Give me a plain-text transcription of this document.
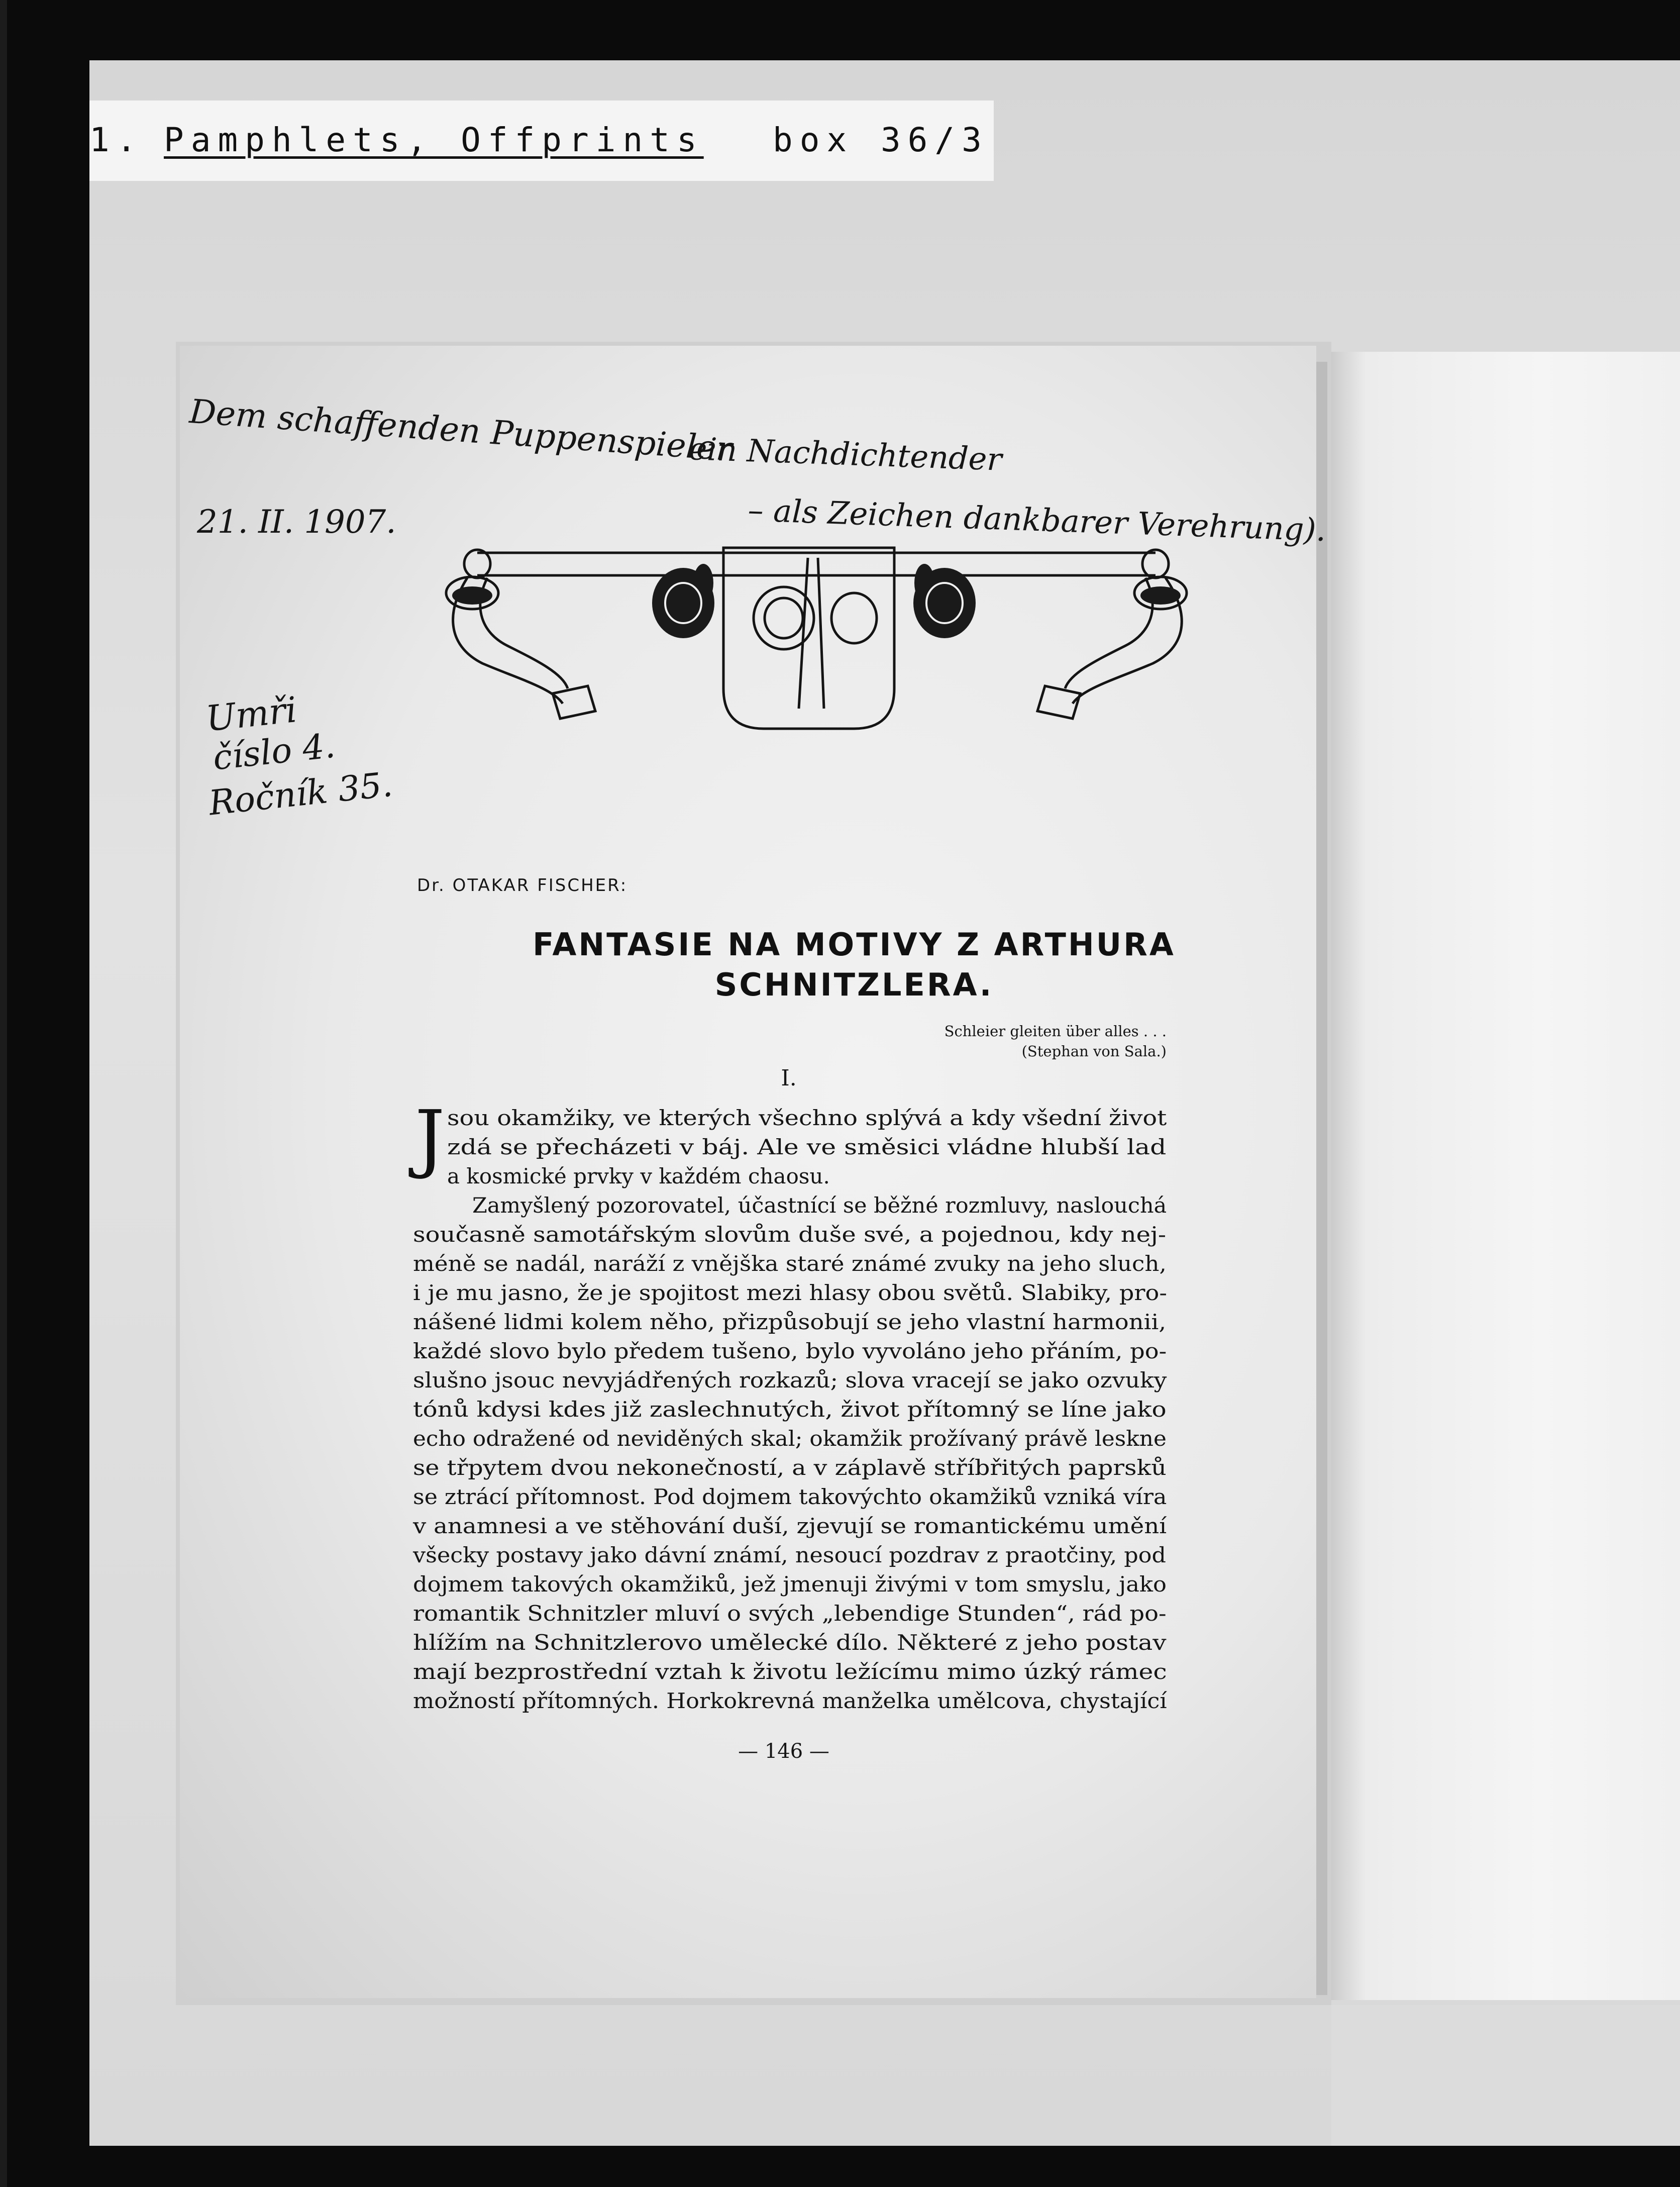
1. Pamphlets, Offprints box 36/3
Dem schaffenden Puppenspieler
ein Nachdichtender
– als Zeichen dankbarer Verehrung).
21. II. 1907.
Umři
číslo 4.
Ročník 35.
Dr. OTAKAR FISCHER:
FANTASIE NA MOTIVY Z ARTHURA
SCHNITZLERA.
Schleier gleiten über alles . . .
(Stephan von Sala.)
I.
J sou okamžiky, ve kterých všechno splývá a kdy všední život
zdá se přecházeti v báj. Ale ve směsici vládne hlubší lad
a kosmické prvky v každém chaosu.
Zamyšlený pozorovatel, účastnící se běžné rozmluvy, naslouchá
současně samotářským slovům duše své, a pojednou, kdy nej-
méně se nadál, naráží z vnějška staré známé zvuky na jeho sluch,
i je mu jasno, že je spojitost mezi hlasy obou světů. Slabiky, pro-
nášené lidmi kolem něho, přizpůsobují se jeho vlastní harmonii,
každé slovo bylo předem tušeno, bylo vyvoláno jeho přáním, po-
slušno jsouc nevyjádřených rozkazů; slova vracejí se jako ozvuky
tónů kdysi kdes již zaslechnutých, život přítomný se líne jako
echo odražené od neviděných skal; okamžik prožívaný právě leskne
se třpytem dvou nekonečností, a v záplavě stříbřitých paprsků
se ztrácí přítomnost. Pod dojmem takovýchto okamžiků vzniká víra
v anamnesi a ve stěhování duší, zjevují se romantickému umění
všecky postavy jako dávní známí, nesoucí pozdrav z praotčiny, pod
dojmem takových okamžiků, jež jmenuji živými v tom smyslu, jako
romantik Schnitzler mluví o svých „lebendige Stunden“, rád po-
hlížím na Schnitzlerovo umělecké dílo. Některé z jeho postav
mají bezprostřední vztah k životu ležícímu mimo úzký rámec
možností přítomných. Horkokrevná manželka umělcova, chystající
— 146 —
